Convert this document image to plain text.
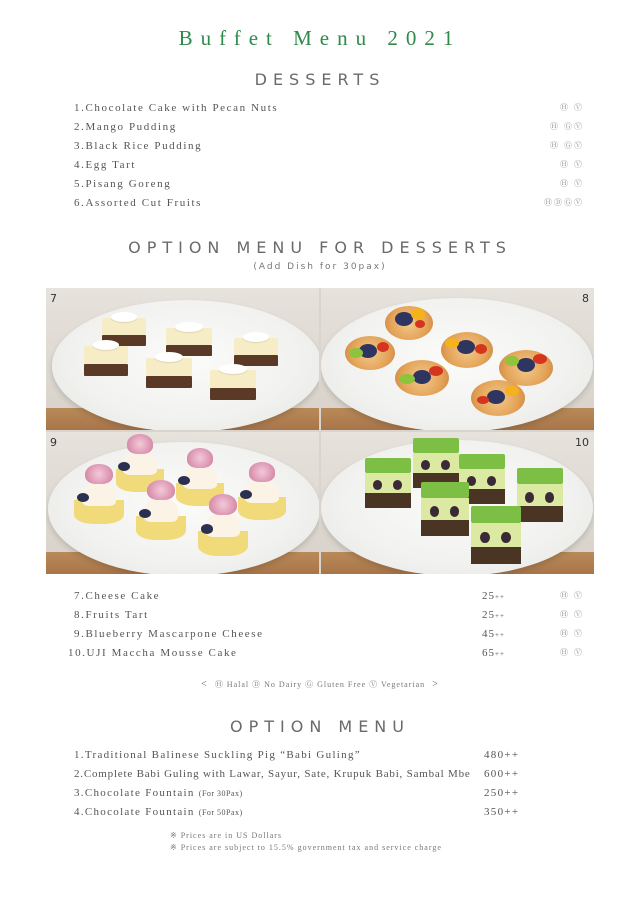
Buffet Menu 2021
DESSERTS
1.Chocolate Cake with Pecan Nuts	Ⓗ Ⓥ
2.Mango Pudding	Ⓗ ⒼⓋ
3.Black Rice Pudding	Ⓗ ⒼⓋ
4.Egg Tart	Ⓗ Ⓥ
5.Pisang Goreng	Ⓗ Ⓥ
6.Assorted Cut Fruits	ⒽⒹⒼⓋ
OPTION MENU FOR DESSERTS
(Add Dish for 30pax)
7	8
9	10
7.Cheese Cake	25++	Ⓗ Ⓥ
8.Fruits Tart	25++	Ⓗ Ⓥ
9.Blueberry Mascarpone Cheese	45++	Ⓗ Ⓥ
10.UJI Maccha Mousse Cake	65++	Ⓗ Ⓥ
< Ⓗ Halal Ⓓ No Dairy Ⓖ Gluten Free Ⓥ Vegetarian >
OPTION MENU
1.Traditional Balinese Suckling Pig “Babi Guling”	480++
2.Complete Babi Guling with Lawar, Sayur, Sate, Krupuk Babi, Sambal Mbe 600++
3.Chocolate Fountain (For 30Pax)	250++
4.Chocolate Fountain (For 50Pax)	350++
※ Prices are in US Dollars
※ Prices are subject to 15.5% government tax and service charge
